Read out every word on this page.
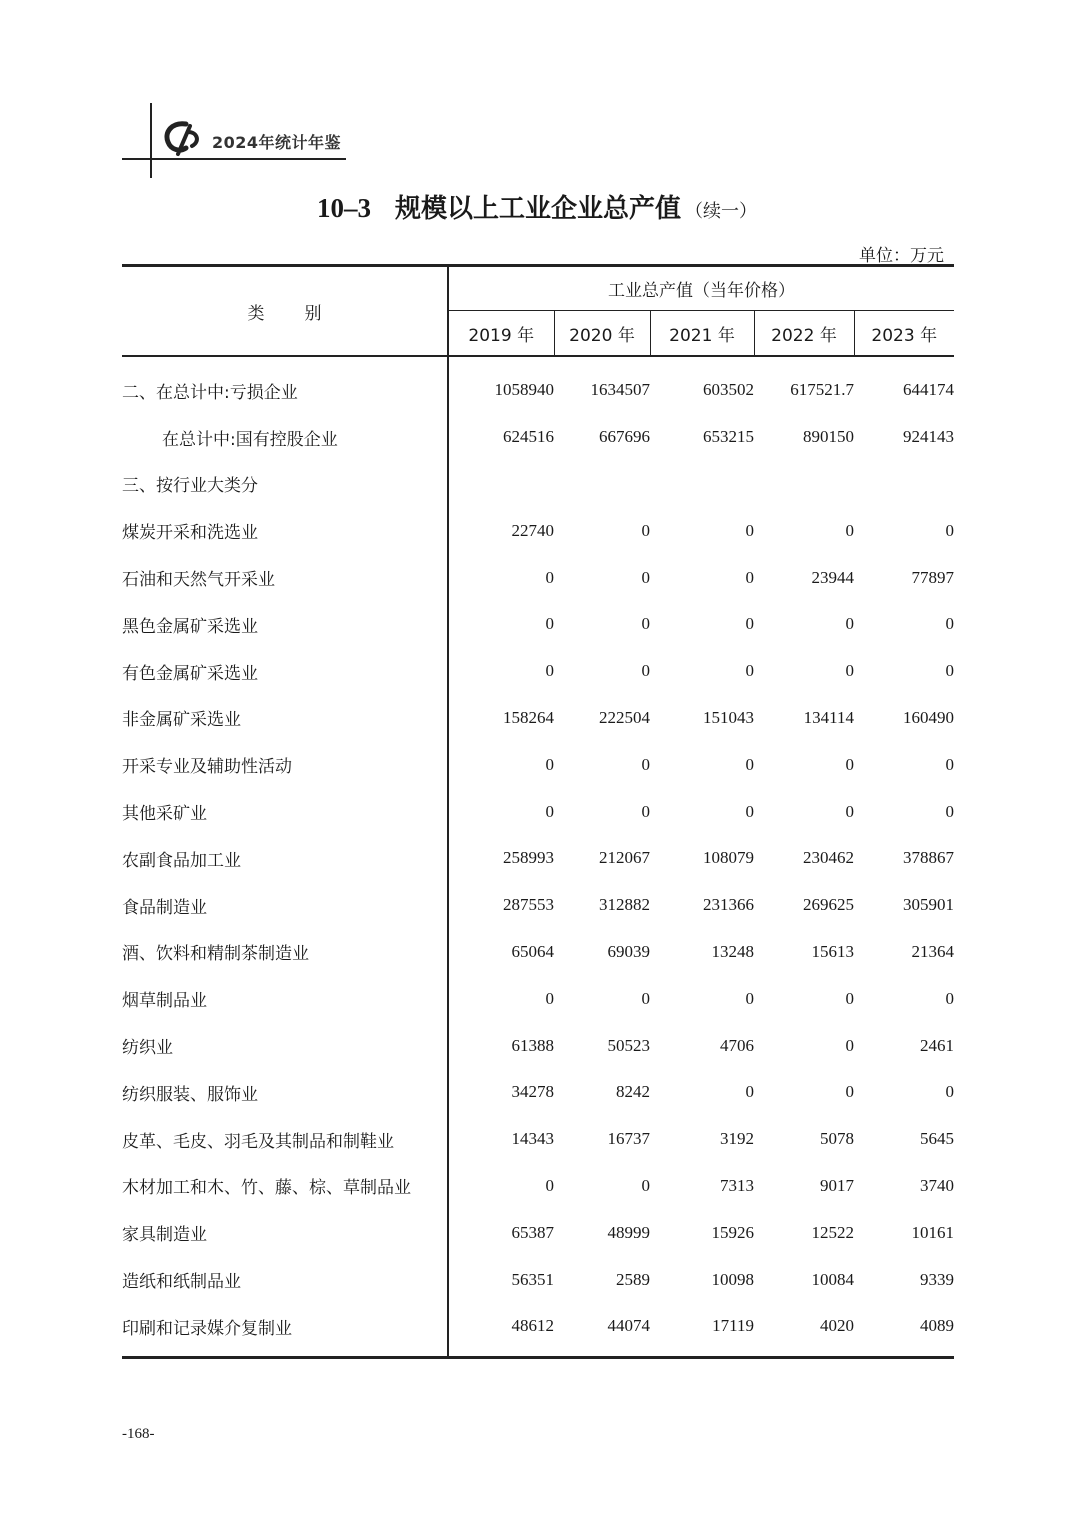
2024年统计年鉴
10–3 规模以上工业企业总产值 （续一）
单位：万元
类别	工业总产值（当年价格）				
	2019 年	2020 年	2021 年	2022 年	2023 年
二、在总计中:亏损企业	1058940	1634507	603502	617521.7	644174
在总计中:国有控股企业	624516	667696	653215	890150	924143
三、按行业大类分					
煤炭开采和洗选业	22740	0	0	0	0
石油和天然气开采业	0	0	0	23944	77897
黑色金属矿采选业	0	0	0	0	0
有色金属矿采选业	0	0	0	0	0
非金属矿采选业	158264	222504	151043	134114	160490
开采专业及辅助性活动	0	0	0	0	0
其他采矿业	0	0	0	0	0
农副食品加工业	258993	212067	108079	230462	378867
食品制造业	287553	312882	231366	269625	305901
酒、饮料和精制茶制造业	65064	69039	13248	15613	21364
烟草制品业	0	0	0	0	0
纺织业	61388	50523	4706	0	2461
纺织服装、服饰业	34278	8242	0	0	0
皮革、毛皮、羽毛及其制品和制鞋业	14343	16737	3192	5078	5645
木材加工和木、竹、藤、棕、草制品业	0	0	7313	9017	3740
家具制造业	65387	48999	15926	12522	10161
造纸和纸制品业	56351	2589	10098	10084	9339
印刷和记录媒介复制业	48612	44074	17119	4020	4089
-168-
